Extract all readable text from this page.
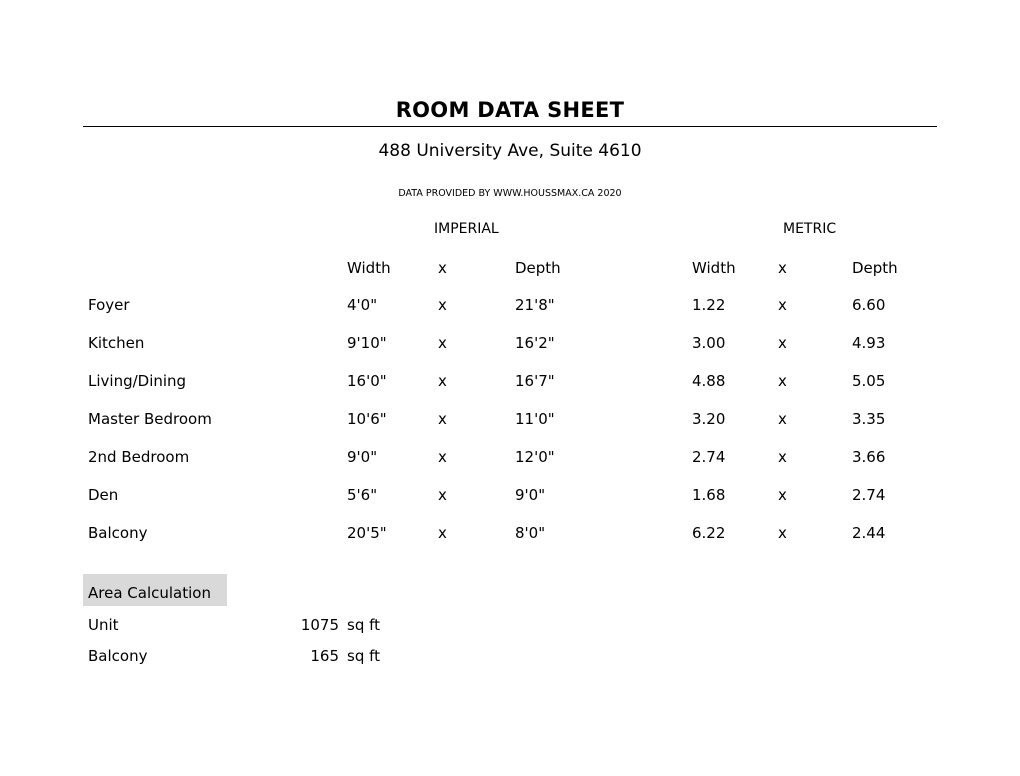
ROOM DATA SHEET
488 University Ave, Suite 4610
DATA PROVIDED BY WWW.HOUSSMAX.CA 2020
IMPERIAL	METRIC
Width	x	Depth	Width	x	Depth
Foyer	4'0"	x	21'8"	1.22	x	6.60
Kitchen	9'10"	x	16'2"	3.00	x	4.93
Living/Dining	16'0"	x	16'7"	4.88	x	5.05
Master Bedroom	10'6"	x	11'0"	3.20	x	3.35
2nd Bedroom	9'0"	x	12'0"	2.74	x	3.66
Den	5'6"	x	9'0"	1.68	x	2.74
Balcony	20'5"	x	8'0"	6.22	x	2.44
Area Calculation
Unit	1075 sq ft
Balcony	165 sq ft
